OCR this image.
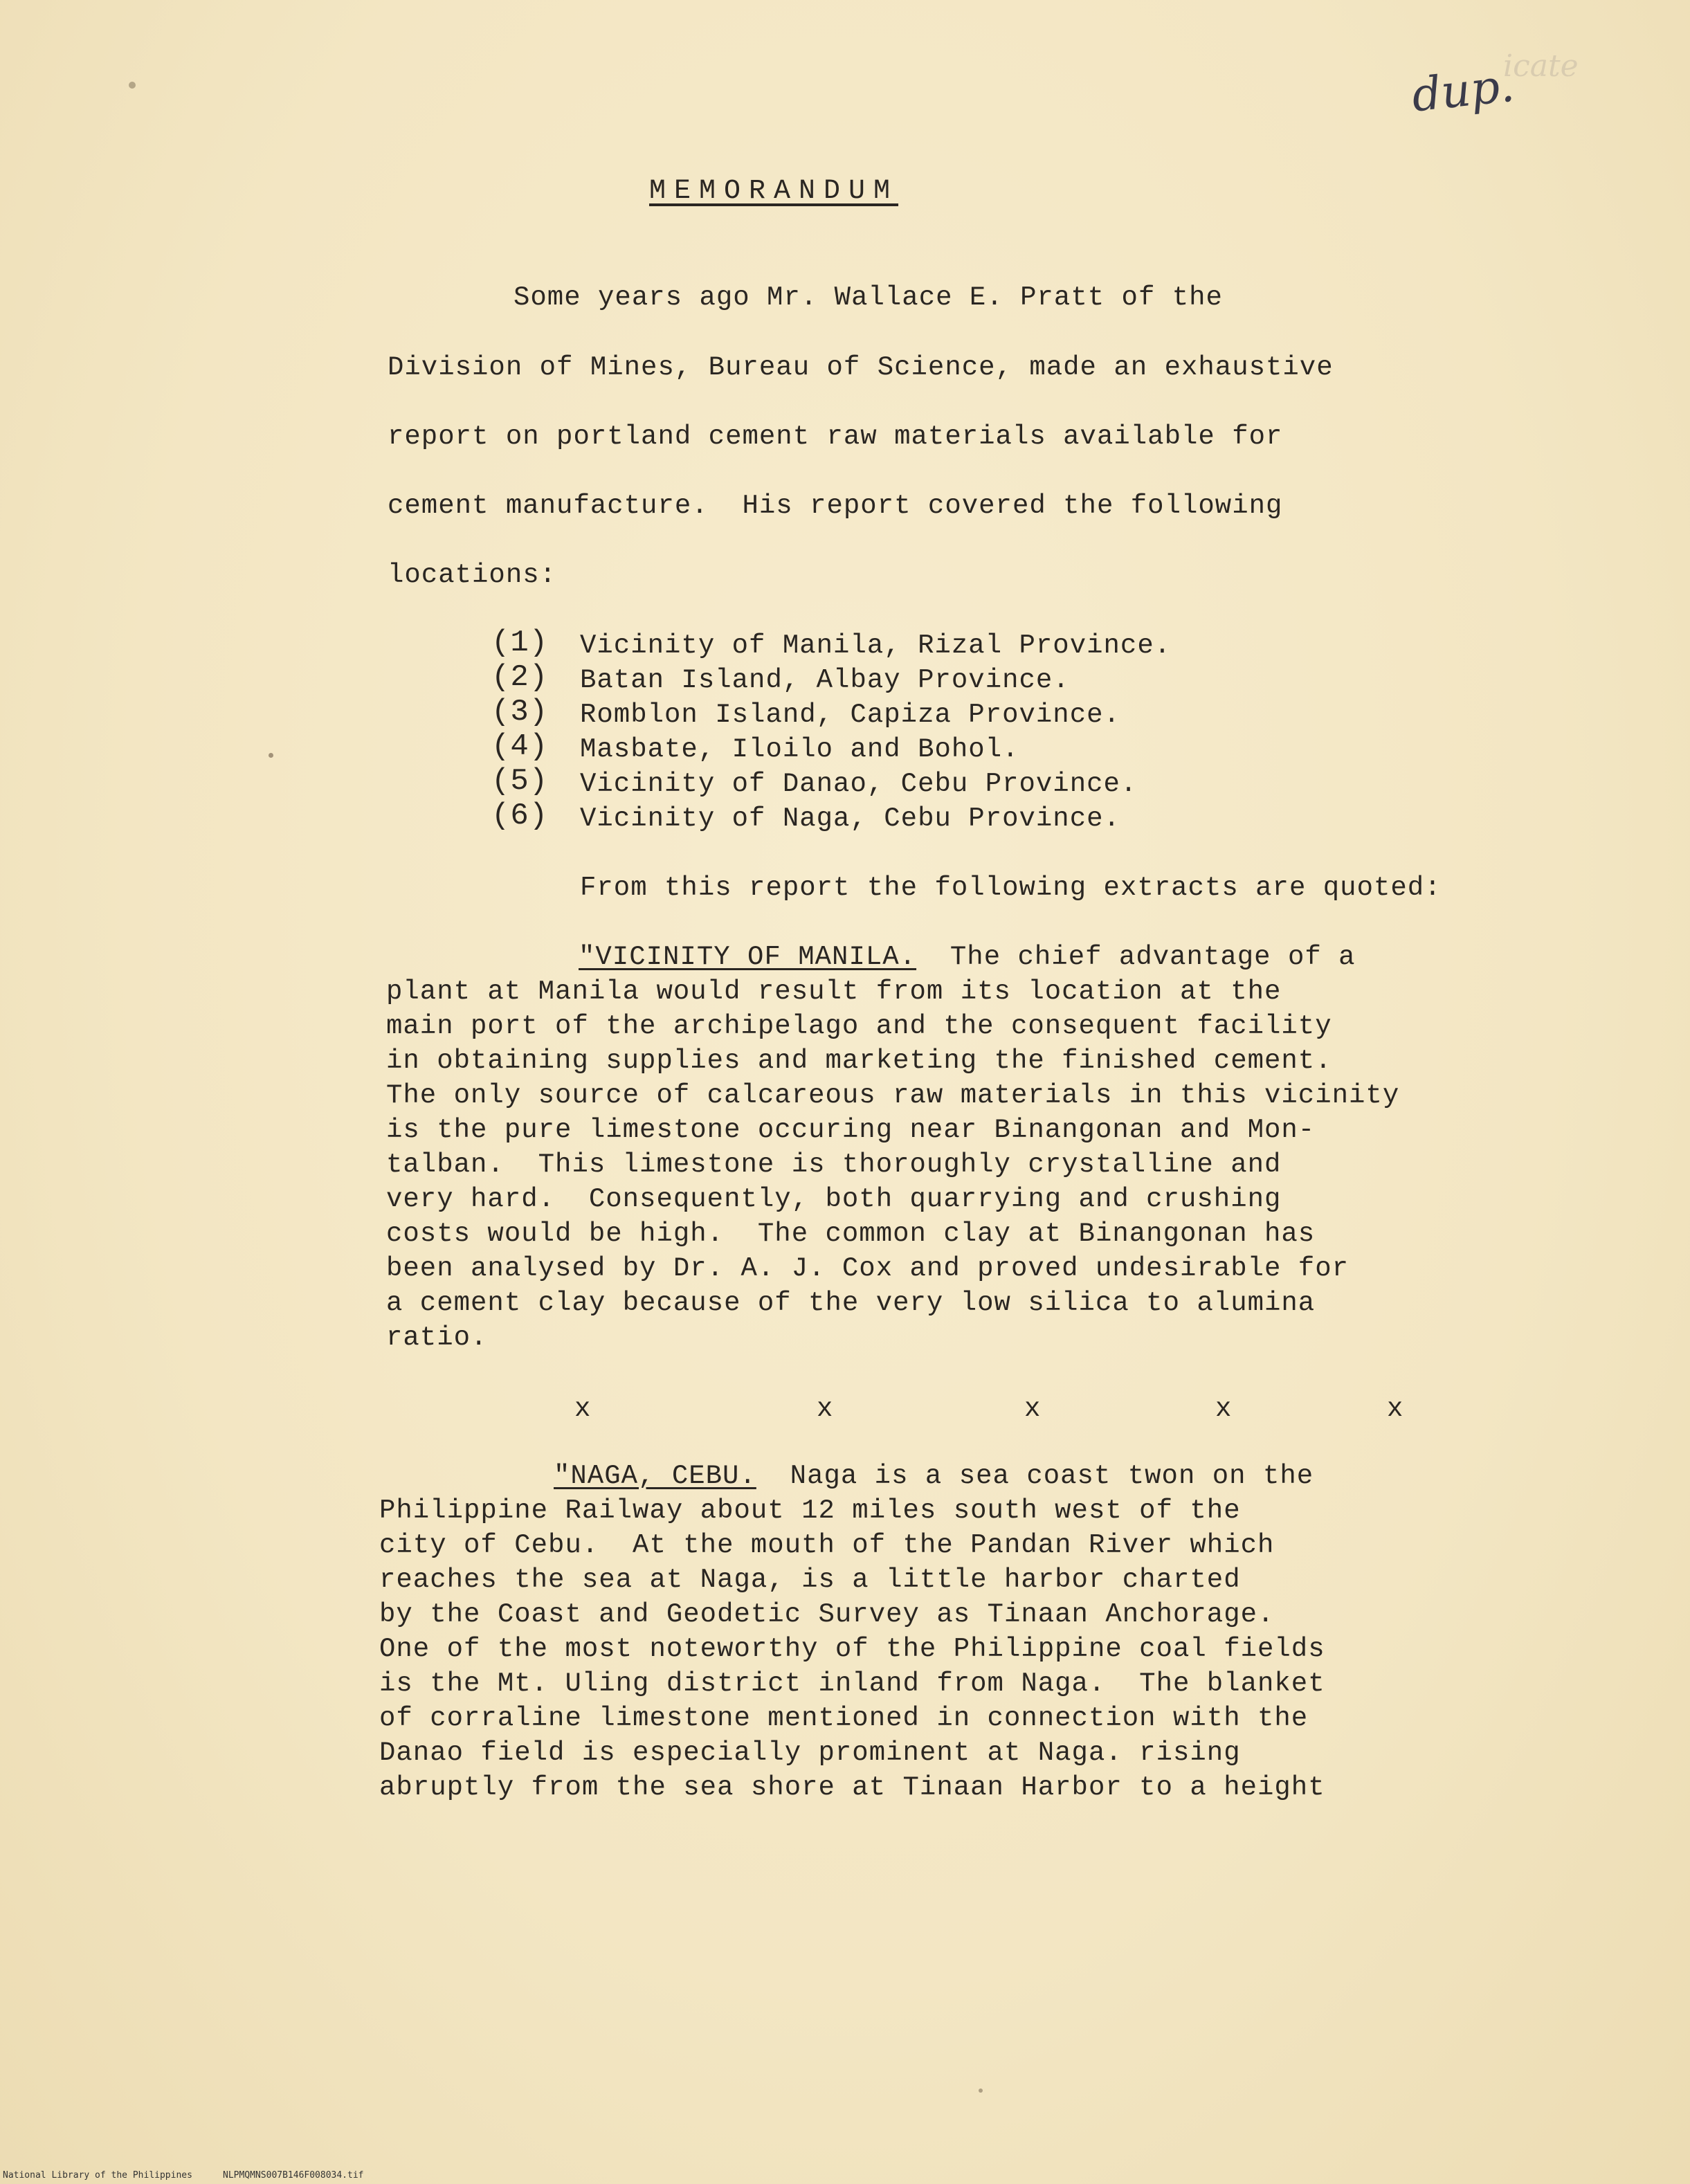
dup.
icate
MEMORANDUM
Some years ago Mr. Wallace E. Pratt of the
Division of Mines, Bureau of Science, made an exhaustive
report on portland cement raw materials available for
cement manufacture.  His report covered the following
locations:
(1) Vicinity of Manila, Rizal Province.
(2) Batan Island, Albay Province.
(3) Romblon Island, Capiza Province.
(4) Masbate, Iloilo and Bohol.
(5) Vicinity of Danao, Cebu Province.
(6) Vicinity of Naga, Cebu Province.
From this report the following extracts are quoted:
"VICINITY OF MANILA.  The chief advantage of a
plant at Manila would result from its location at the
main port of the archipelago and the consequent facility
in obtaining supplies and marketing the finished cement.
The only source of calcareous raw materials in this vicinity
is the pure limestone occuring near Binangonan and Mon-
talban.  This limestone is thoroughly crystalline and
very hard.  Consequently, both quarrying and crushing
costs would be high.  The common clay at Binangonan has
been analysed by Dr. A. J. Cox and proved undesirable for
a cement clay because of the very low silica to alumina
ratio.
x	x	x	x	x
"NAGA, CEBU.  Naga is a sea coast twon on the
Philippine Railway about 12 miles south west of the
city of Cebu.  At the mouth of the Pandan River which
reaches the sea at Naga, is a little harbor charted
by the Coast and Geodetic Survey as Tinaan Anchorage.
One of the most noteworthy of the Philippine coal fields
is the Mt. Uling district inland from Naga.  The blanket
of corraline limestone mentioned in connection with the
Danao field is especially prominent at Naga. rising
abruptly from the sea shore at Tinaan Harbor to a height
National Library of the Philippines	NLPMQMNS007B146F008034.tif
